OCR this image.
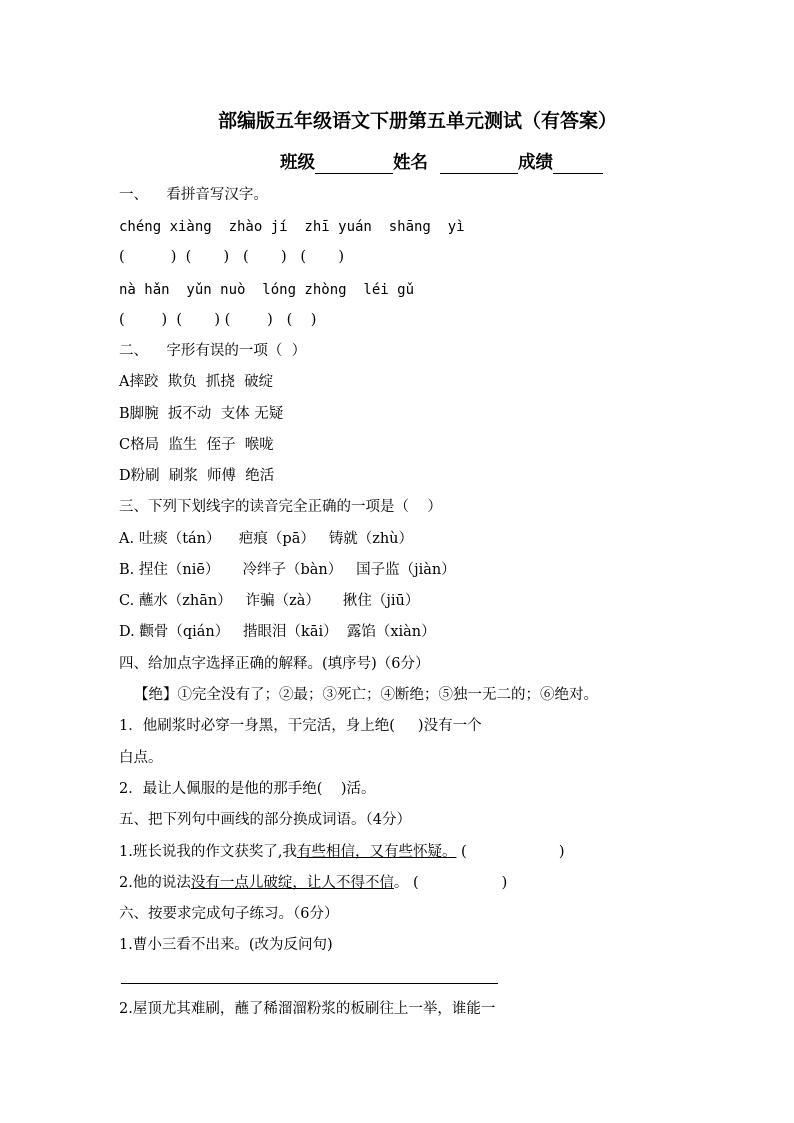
部编版五年级语文下册第五单元测试（有答案）
班级	姓名	成绩
一、    看拼音写汉字。
chéng xiàng  zhào jí  zhī yuán  shāng  yì
(          )  (       )   (       )   (       )
nà hǎn  yǔn nuò  lóng zhòng  léi gǔ
(        )  (       ) (        )   (    )
二、    字形有误的一项（  ）
A摔跤  欺负  抓挠  破绽
B脚腕  扳不动  支体 无疑
C格局  监生  侄子  喉咙
D粉刷  刷浆  师傅  绝活
三、下列下划线字的读音完全正确的一项是（    ）
A. 吐痰（tán）    疤痕（pā）   铸就（zhù）
B. 捏住（niē）     冷绊子（bàn）   国子监（jiàn）
C. 蘸水（zhān）   诈骗（zà）     揪住（jiū）
D. 颧骨（qián）   揩眼泪（kāi）  露馅（xiàn）
四、给加点字选择正确的解释。(填序号)（6分）
【绝】①完全没有了；②最；③死亡；④断绝；⑤独一无二的；⑥绝对。
1．他刷浆时必穿一身黑，干完活，身上绝(     )没有一个
白点。
2．最让人佩服的是他的那手绝(    )活。
五、把下列句中画线的部分换成词语。（4分）
1.班长说我的作文获奖了,我有些相信，又有些怀疑。 (                    )
2.他的说法没有一点儿破绽，让人不得不信。 (                  )
六、按要求完成句子练习。（6分）
1.曹小三看不出来。(改为反问句)
2.屋顶尤其难刷，蘸了稀溜溜粉浆的板刷往上一举，谁能一
